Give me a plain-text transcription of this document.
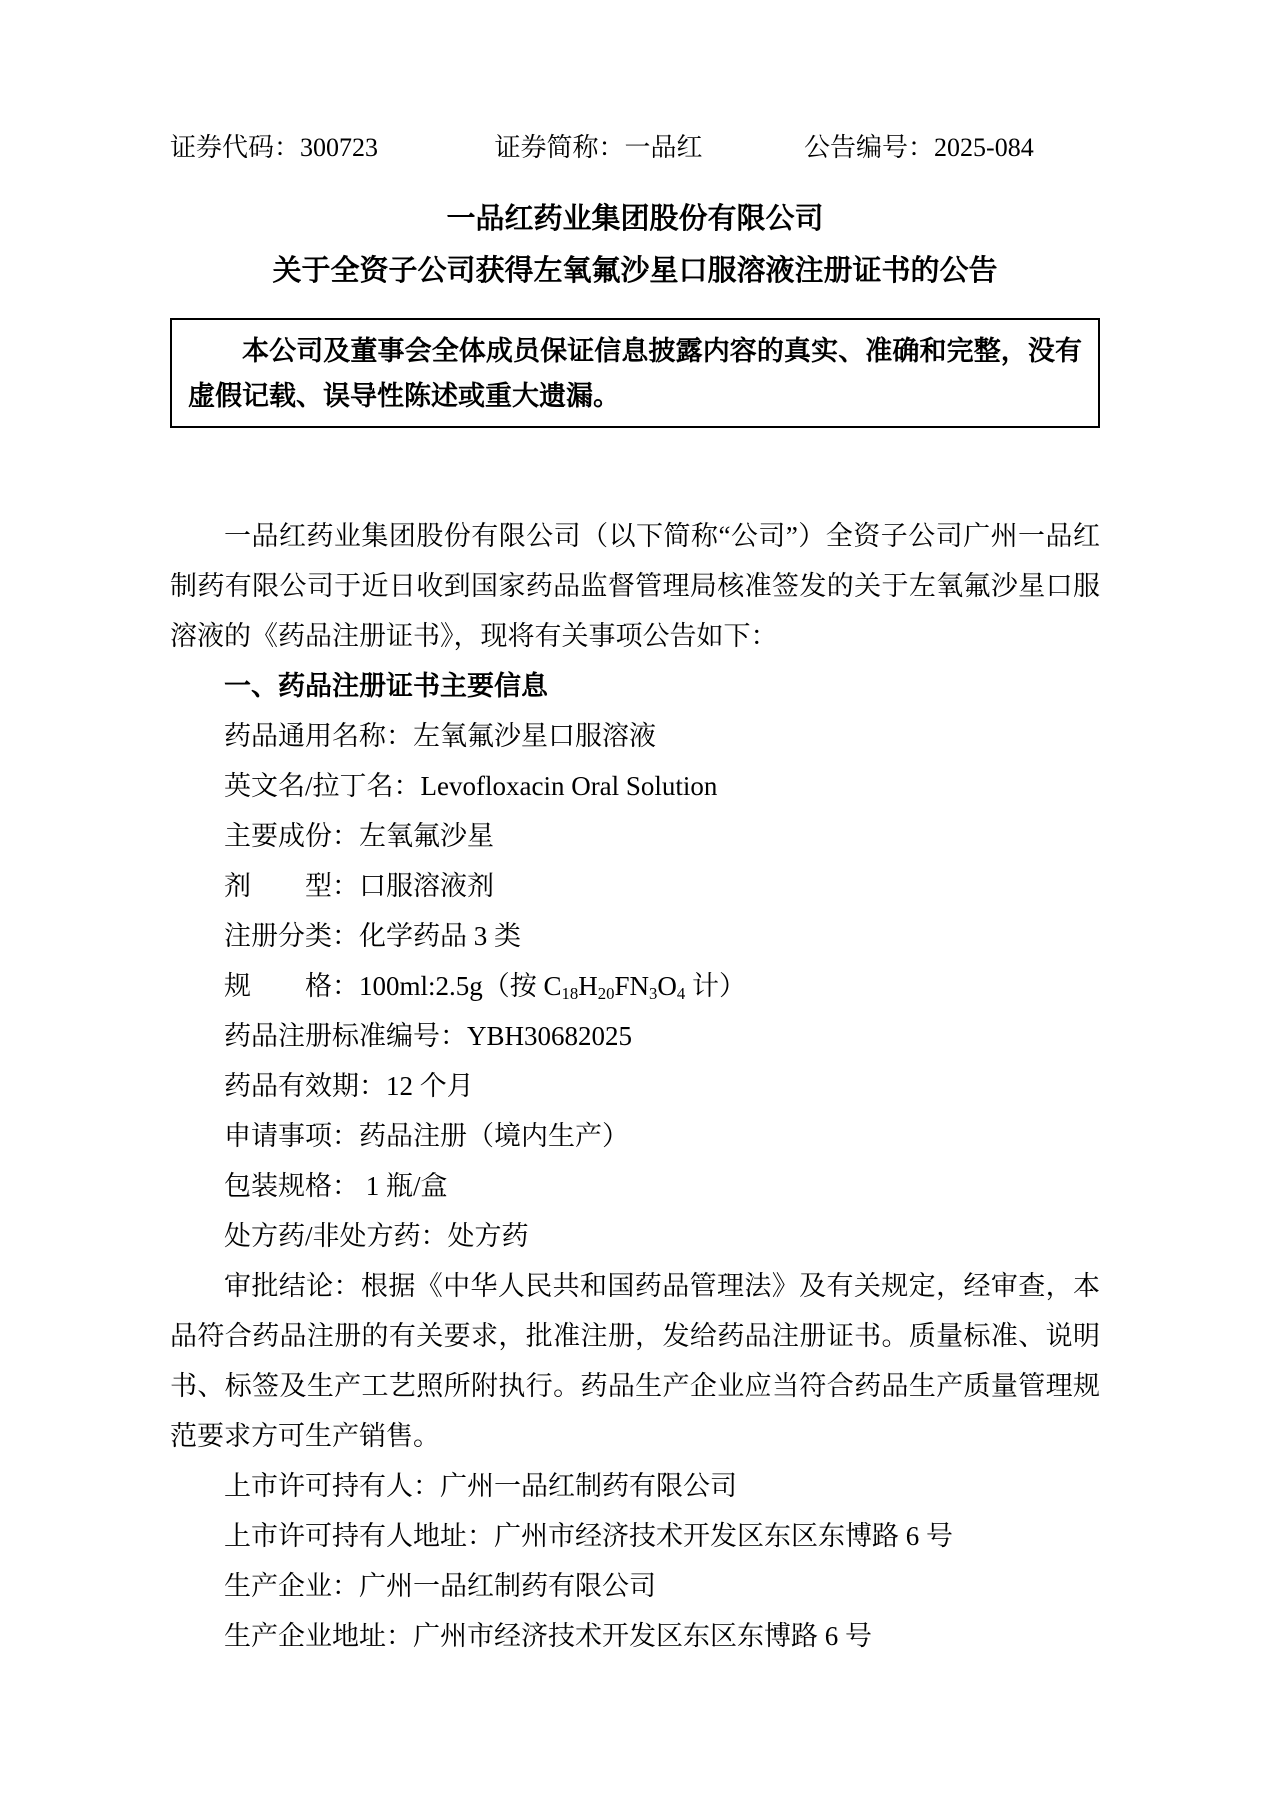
证券代码：300723	证券简称：一品红	公告编号：2025-084
一品红药业集团股份有限公司
关于全资子公司获得左氧氟沙星口服溶液注册证书的公告
本公司及董事会全体成员保证信息披露内容的真实、准确和完整，没有虚假记载、误导性陈述或重大遗漏。

一品红药业集团股份有限公司（以下简称“公司”）全资子公司广州一品红制药有限公司于近日收到国家药品监督管理局核准签发的关于左氧氟沙星口服溶液的《药品注册证书》，现将有关事项公告如下：

一、药品注册证书主要信息

药品通用名称：左氧氟沙星口服溶液

英文名/拉丁名：Levofloxacin Oral Solution

主要成份：左氧氟沙星

剂　　型：口服溶液剂

注册分类：化学药品 3 类

规　　格：100ml:2.5g（按 $C_{18}H_{20}FN_3O_4$ 计）

药品注册标准编号：YBH30682025

药品有效期：12 个月

申请事项：药品注册（境内生产）

包装规格： 1 瓶/盒

处方药/非处方药：处方药

审批结论：根据《中华人民共和国药品管理法》及有关规定，经审查，本品符合药品注册的有关要求，批准注册，发给药品注册证书。质量标准、说明书、标签及生产工艺照所附执行。药品生产企业应当符合药品生产质量管理规范要求方可生产销售。

上市许可持有人：广州一品红制药有限公司

上市许可持有人地址：广州市经济技术开发区东区东博路 6 号

生产企业：广州一品红制药有限公司

生产企业地址：广州市经济技术开发区东区东博路 6 号
